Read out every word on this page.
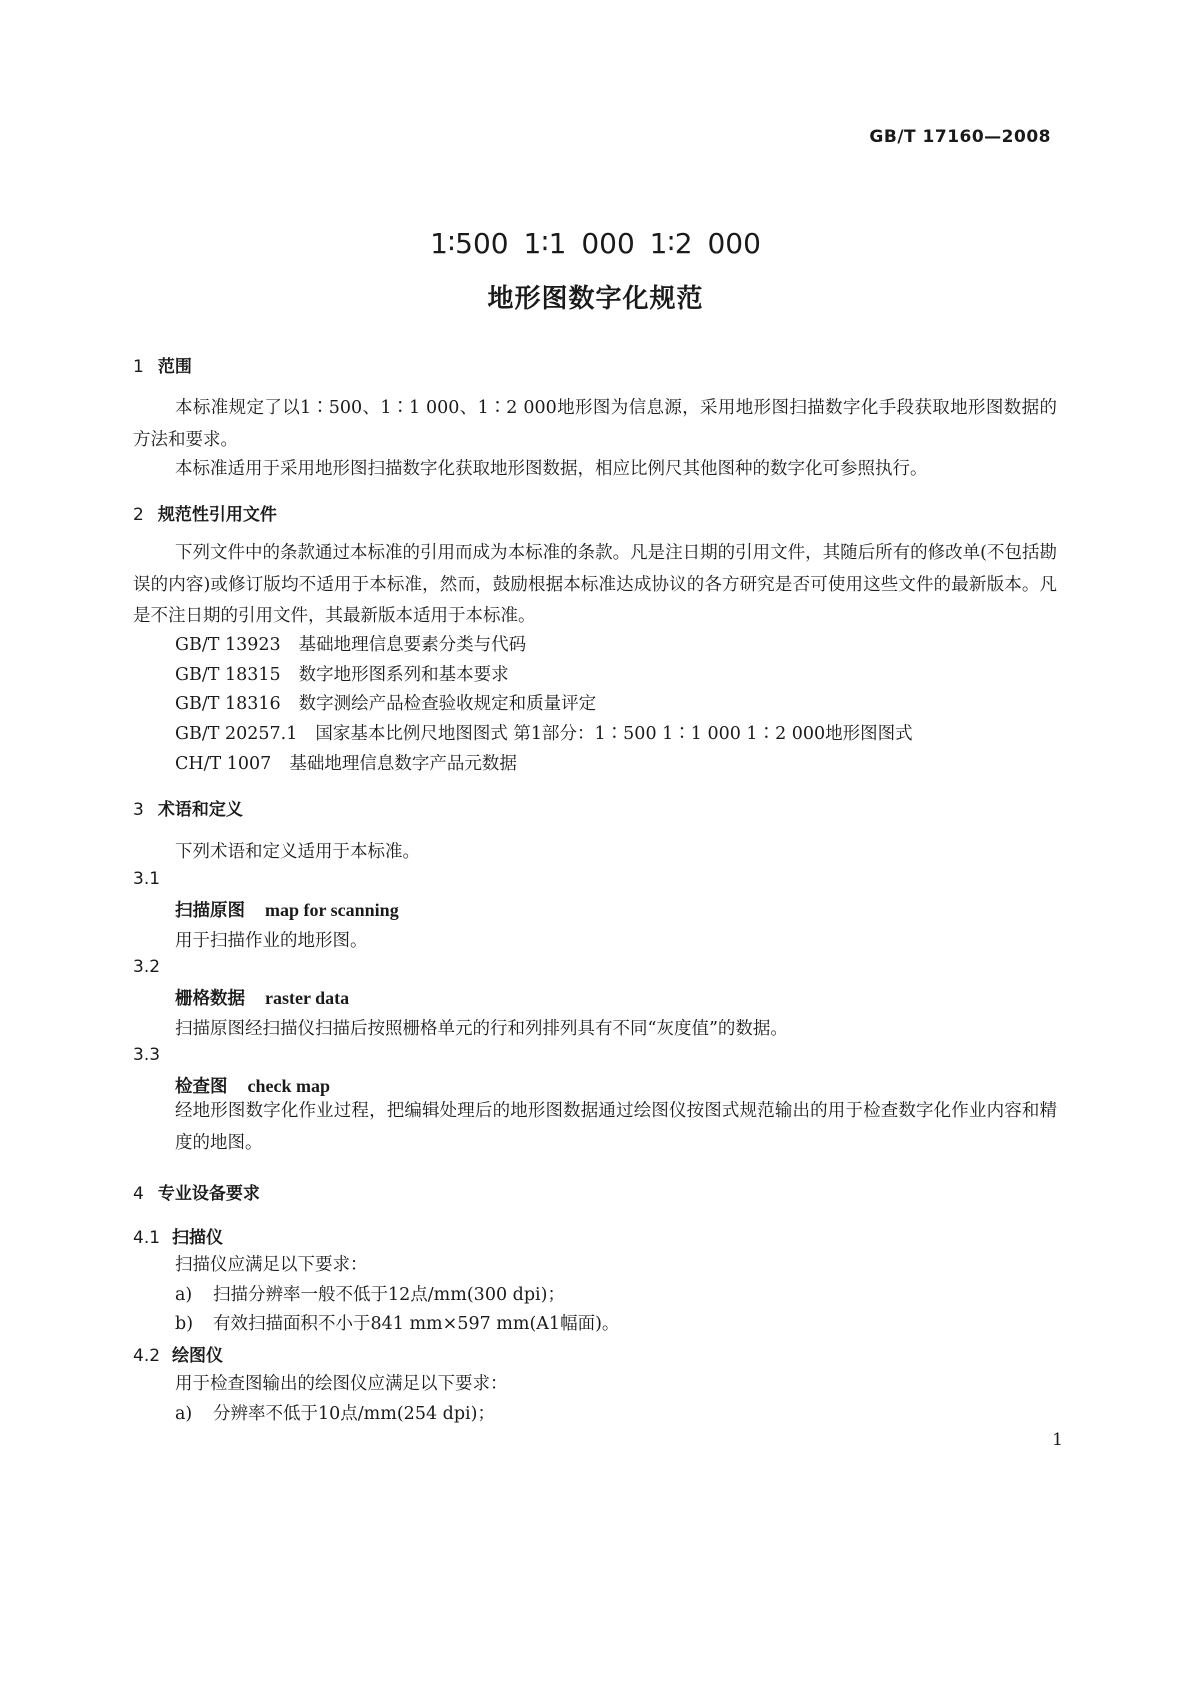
GB/T 17160—2008
1∶500 1∶1 000 1∶2 000
地形图数字化规范
1 范围
本标准规定了以1∶500、1∶1 000、1∶2 000地形图为信息源，采用地形图扫描数字化手段获取地形图数据的方法和要求。
本标准适用于采用地形图扫描数字化获取地形图数据，相应比例尺其他图种的数字化可参照执行。
2 规范性引用文件
下列文件中的条款通过本标准的引用而成为本标准的条款。凡是注日期的引用文件，其随后所有的修改单(不包括勘误的内容)或修订版均不适用于本标准，然而，鼓励根据本标准达成协议的各方研究是否可使用这些文件的最新版本。凡是不注日期的引用文件，其最新版本适用于本标准。
GB/T 13923 基础地理信息要素分类与代码
GB/T 18315 数字地形图系列和基本要求
GB/T 18316 数字测绘产品检查验收规定和质量评定
GB/T 20257.1 国家基本比例尺地图图式 第1部分：1∶500 1∶1 000 1∶2 000地形图图式
CH/T 1007 基础地理信息数字产品元数据
3 术语和定义
下列术语和定义适用于本标准。
3.1
扫描原图 map for scanning
用于扫描作业的地形图。
3.2
栅格数据 raster data
扫描原图经扫描仪扫描后按照栅格单元的行和列排列具有不同“灰度值”的数据。
3.3
检查图 check map
经地形图数字化作业过程，把编辑处理后的地形图数据通过绘图仪按图式规范输出的用于检查数字化作业内容和精度的地图。
4 专业设备要求
4.1 扫描仪
扫描仪应满足以下要求：
a) 扫描分辨率一般不低于12点/mm(300 dpi)；
b) 有效扫描面积不小于841 mm×597 mm(A1幅面)。
4.2 绘图仪
用于检查图输出的绘图仪应满足以下要求：
a) 分辨率不低于10点/mm(254 dpi)；
1
